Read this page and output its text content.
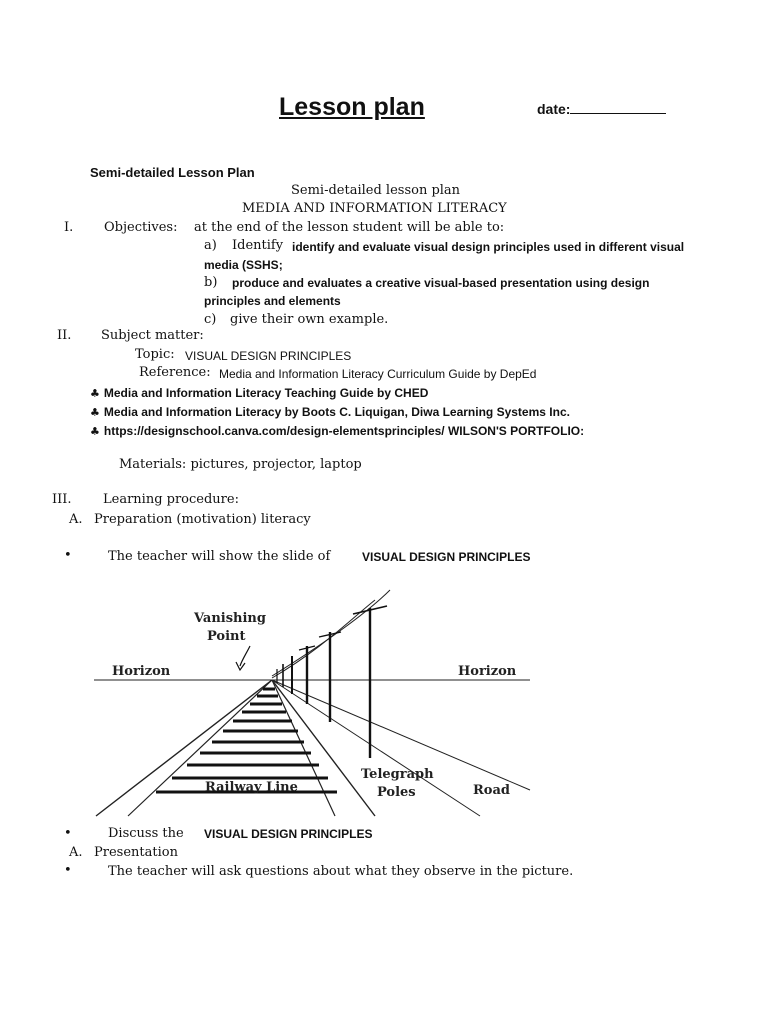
Lesson plan	date:
Semi-detailed Lesson Plan
Semi-detailed lesson plan
MEDIA AND INFORMATION LITERACY
I. Objectives: at the end of the lesson student will be able to:
a) Identify identify and evaluate visual design principles used in different visual
media (SSHS;
b) produce and evaluates a creative visual-based presentation using design
principles and elements
c) give their own example.
II. Subject matter:
Topic: VISUAL DESIGN PRINCIPLES
Reference: Media and Information Literacy Curriculum Guide by DepEd
♣ Media and Information Literacy Teaching Guide by CHED
♣ Media and Information Literacy by Boots C. Liquigan, Diwa Learning Systems Inc.
♣ https://designschool.canva.com/design-elementsprinciples/ WILSON'S PORTFOLIO:
Materials: pictures, projector, laptop
III. Learning procedure:
A. Preparation (motivation) literacy
•	The teacher will show the slide of	VISUAL DESIGN PRINCIPLES
Vanishing
Point
Horizon	Horizon
Railway Line
Telegraph
Poles	Road
•	Discuss the VISUAL DESIGN PRINCIPLES
A. Presentation
•	The teacher will ask questions about what they observe in the picture.
